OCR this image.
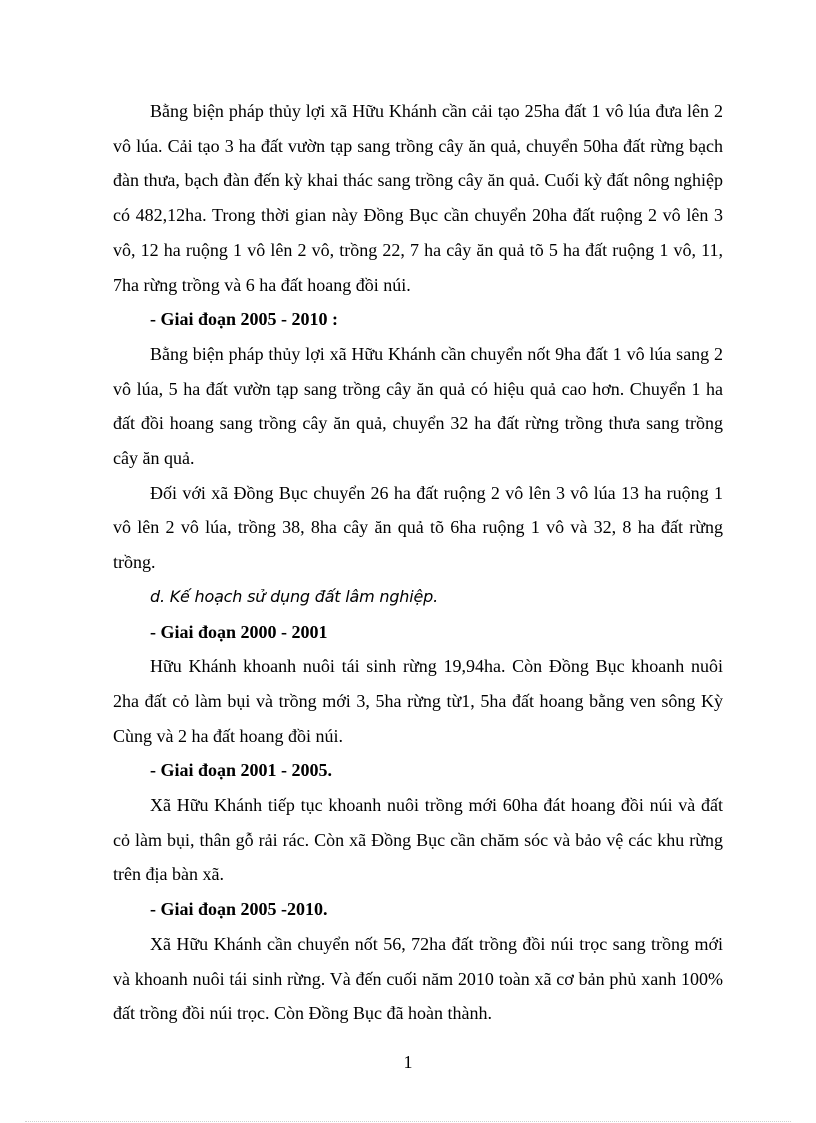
Bằng biện pháp thủy lợi xã Hữu Khánh cần cải tạo 25ha đất 1 vô lúa đưa lên 2 vô lúa. Cải tạo 3 ha đất vườn tạp sang trồng cây ăn quả, chuyển 50ha đất rừng bạch đàn thưa, bạch đàn đến kỳ khai thác sang trồng cây ăn quả. Cuối kỳ đất nông nghiệp có 482,12ha. Trong thời gian này Đồng Bục cần chuyển 20ha đất ruộng 2 vô lên 3 vô, 12 ha ruộng 1 vô lên 2 vô, trồng 22, 7 ha cây ăn quả tõ 5 ha đất ruộng 1 vô, 11, 7ha rừng trồng và 6 ha đất hoang đồi núi.

- Giai đoạn 2005 - 2010 :

Bằng biện pháp thủy lợi xã Hữu Khánh cần chuyển nốt 9ha đất 1 vô lúa sang 2 vô lúa, 5 ha đất vườn tạp sang trồng cây ăn quả có hiệu quả cao hơn. Chuyển 1 ha đất đồi hoang sang trồng cây ăn quả, chuyển 32 ha đất rừng trồng thưa sang trồng cây ăn quả.

Đối với xã Đồng Bục chuyển 26 ha đất ruộng 2 vô lên 3 vô lúa 13 ha ruộng 1 vô lên 2 vô lúa, trồng 38, 8ha cây ăn quả tõ 6ha ruộng 1 vô và 32, 8 ha đất rừng trồng.

d. Kế hoạch sử dụng đất lâm nghiệp.

- Giai đoạn 2000 - 2001

Hữu Khánh khoanh nuôi tái sinh rừng 19,94ha. Còn Đồng Bục khoanh nuôi 2ha đất cỏ làm bụi và trồng mới 3, 5ha rừng từ1, 5ha đất hoang bằng ven sông Kỳ Cùng và 2 ha đất hoang đồi núi.

- Giai đoạn 2001 - 2005.

Xã Hữu Khánh tiếp tục khoanh nuôi trồng mới 60ha đát hoang đồi núi và đất cỏ làm bụi, thân gỗ rải rác. Còn xã Đồng Bục cần chăm sóc và bảo vệ các khu rừng trên địa bàn xã.

- Giai đoạn 2005 -2010.

Xã Hữu Khánh cần chuyển nốt 56, 72ha đất trồng đồi núi trọc sang trồng mới và khoanh nuôi tái sinh rừng. Và đến cuối năm 2010 toàn xã cơ bản phủ xanh 100% đất trồng đồi núi trọc. Còn Đồng Bục đã hoàn thành.

1
